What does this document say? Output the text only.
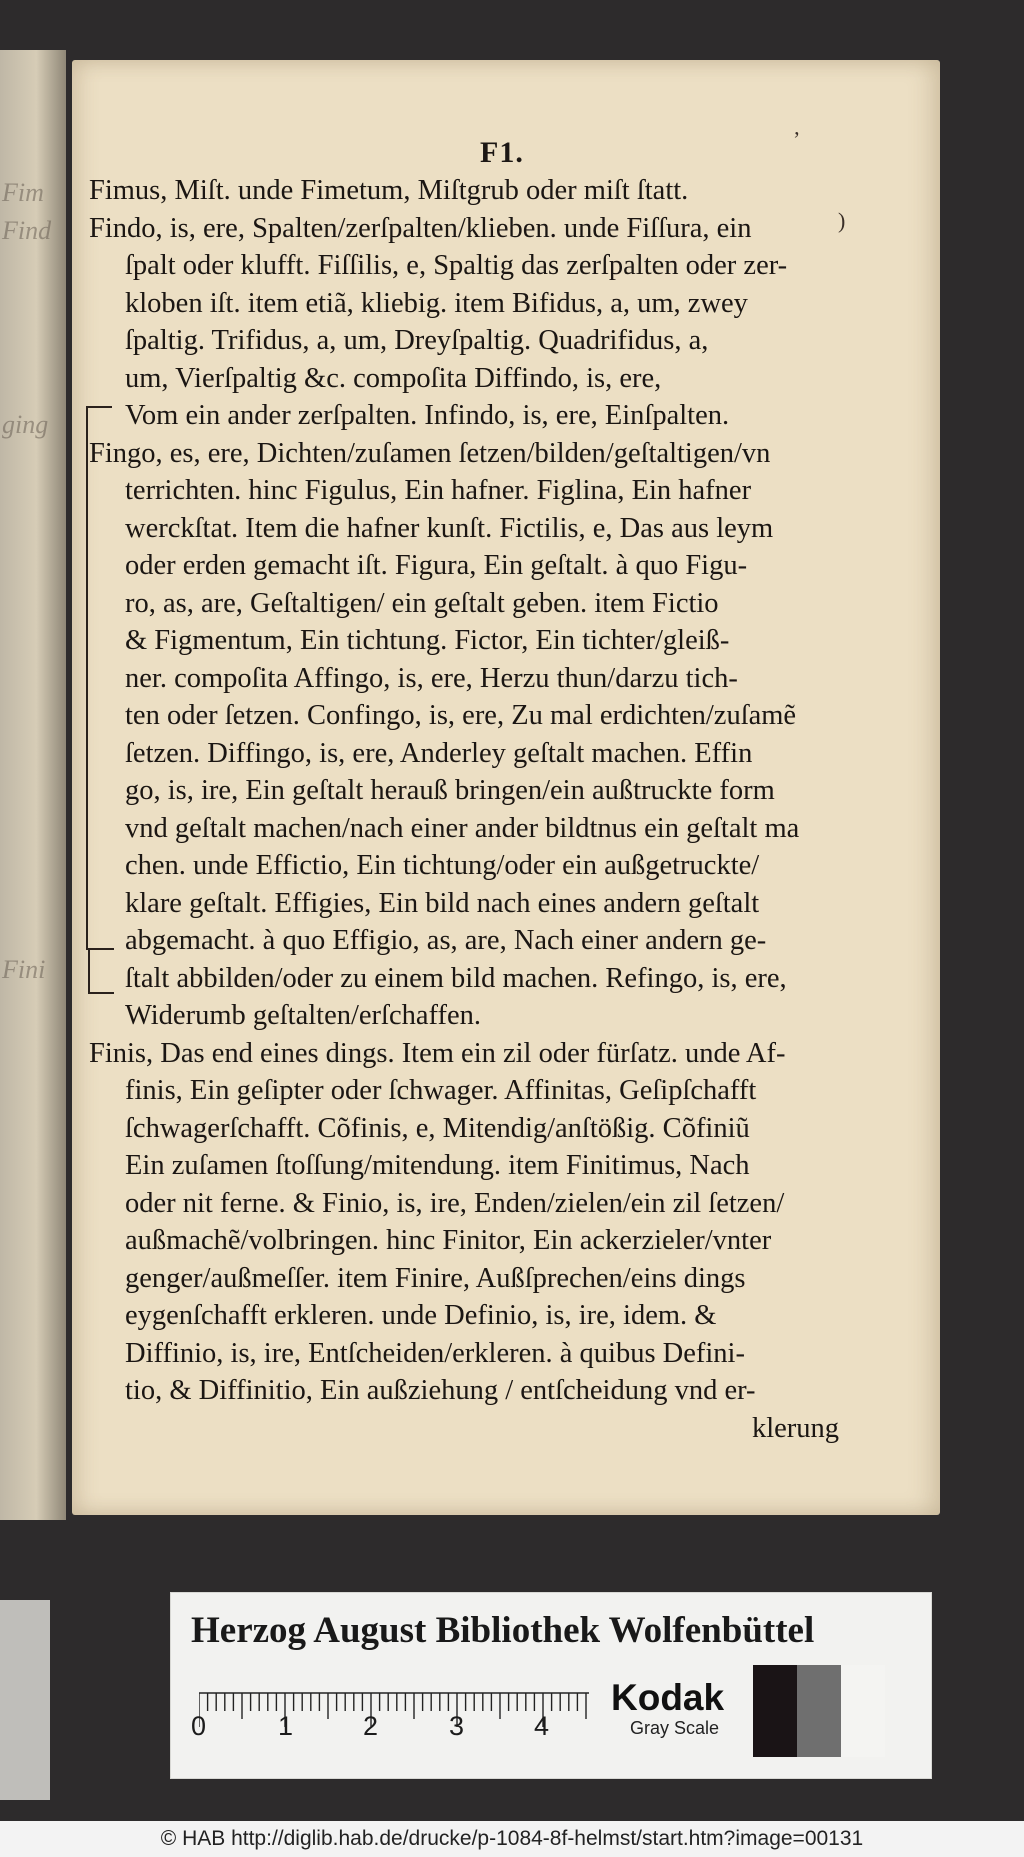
Fim
Find
ging
Fini
F1.	ʼ
)
Fimus, Miſt. unde Fimetum, Miſtgrub oder miſt ſtatt.
Findo, is, ere, Spalten/zerſpalten/klieben. unde Fiſſura, ein
ſpalt oder klufft. Fiſſilis, e, Spaltig das zerſpalten oder zer-
kloben iſt. item etiã, kliebig. item Bifidus, a, um, zwey
ſpaltig. Trifidus, a, um, Dreyſpaltig. Quadrifidus, a,
um, Vierſpaltig &c. compoſita Diffindo, is, ere,
Vom ein ander zerſpalten. Infindo, is, ere, Einſpalten.
Fingo, es, ere, Dichten/zuſamen ſetzen/bilden/geſtaltigen/vn
terrichten. hinc Figulus, Ein hafner. Figlina, Ein hafner
werckſtat. Item die hafner kunſt. Fictilis, e, Das aus leym
oder erden gemacht iſt. Figura, Ein geſtalt. à quo Figu-
ro, as, are, Geſtaltigen/ ein geſtalt geben. item Fictio
& Figmentum, Ein tichtung. Fictor, Ein tichter/gleiß-
ner. compoſita Affingo, is, ere, Herzu thun/darzu tich-
ten oder ſetzen. Confingo, is, ere, Zu mal erdichten/zuſamẽ
ſetzen. Diffingo, is, ere, Anderley geſtalt machen. Effin
go, is, ire, Ein geſtalt herauß bringen/ein außtruckte form
vnd geſtalt machen/nach einer ander bildtnus ein geſtalt ma
chen. unde Effictio, Ein tichtung/oder ein außgetruckte/
klare geſtalt. Effigies, Ein bild nach eines andern geſtalt
abgemacht. à quo Effigio, as, are, Nach einer andern ge-
ſtalt abbilden/oder zu einem bild machen. Refingo, is, ere,
Widerumb geſtalten/erſchaffen.
Finis, Das end eines dings. Item ein zil oder fürſatz. unde Af-
finis, Ein geſipter oder ſchwager. Affinitas, Geſipſchafft
ſchwagerſchafft. Cõfinis, e, Mitendig/anſtößig. Cõfiniũ
Ein zuſamen ſtoſſung/mitendung. item Finitimus, Nach
oder nit ferne. & Finio, is, ire, Enden/zielen/ein zil ſetzen/
außmachẽ/volbringen. hinc Finitor, Ein ackerzieler/vnter
genger/außmeſſer. item Finire, Außſprechen/eins dings
eygenſchafft erkleren. unde Definio, is, ire, idem. &
Diffinio, is, ire, Entſcheiden/erkleren. à quibus Defini-
tio, & Diffinitio, Ein außziehung / entſcheidung vnd er-
klerung
Herzog August Bibliothek Wolfenbüttel
0	1	2	3	4
Kodak
Gray Scale
© HAB http://diglib.hab.de/drucke/p-1084-8f-helmst/start.htm?image=00131
